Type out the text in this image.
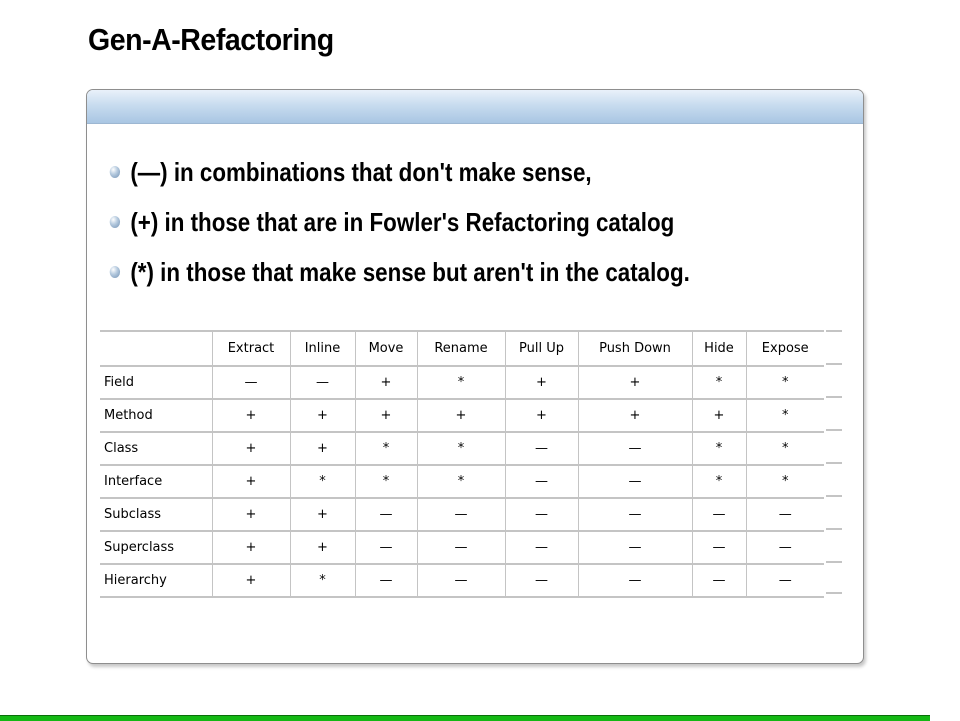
Gen-A-Refactoring
(—) in combinations that don't make sense,
(+) in those that are in Fowler's Refactoring catalog
(*) in those that make sense but aren't in the catalog.
	Extract	Inline	Move	Rename	Pull Up	Push Down	Hide	Expose
Field	—	—	+	*	+	+	*	*
Method	+	+	+	+	+	+	+	*
Class	+	+	*	*	—	—	*	*
Interface	+	*	*	*	—	—	*	*
Subclass	+	+	—	—	—	—	—	—
Superclass	+	+	—	—	—	—	—	—
Hierarchy	+	*	—	—	—	—	—	—
